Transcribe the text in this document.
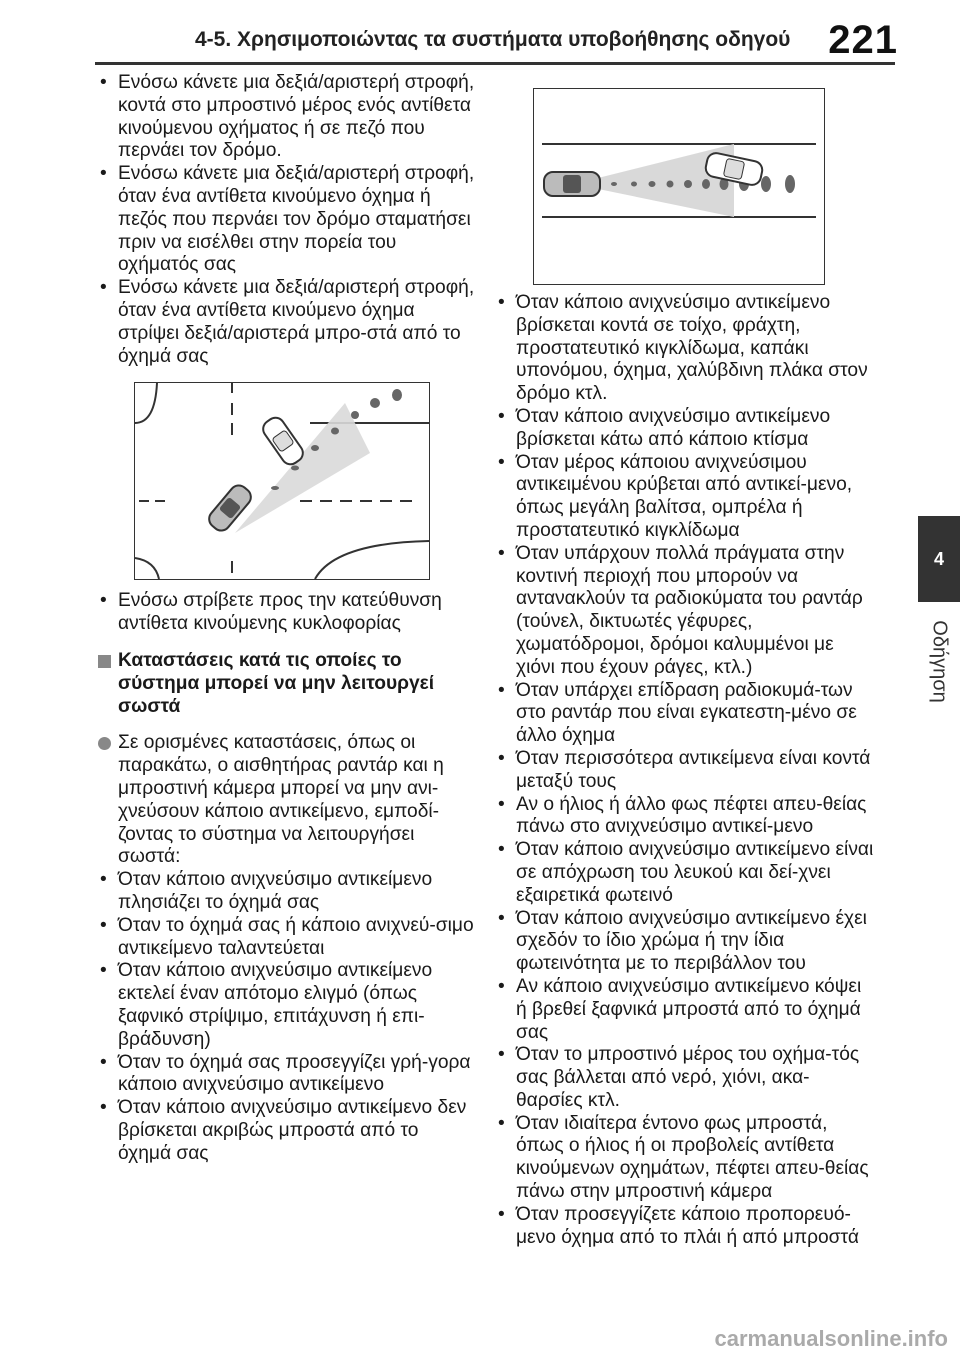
4-5. Χρησιμοποιώντας τα συστήματα υποβοήθησης οδηγού 221
• Ενόσω κάνετε μια δεξιά/αριστερή στροφή, κοντά στο μπροστινό μέρος ενός αντίθετα κινούμενου οχήματος ή σε πεζό που περνάει τον δρόμο.
• Ενόσω κάνετε μια δεξιά/αριστερή στροφή, όταν ένα αντίθετα κινούμενο όχημα ή πεζός που περνάει τον δρόμο σταματήσει πριν να εισέλθει στην πορεία του οχήματός σας
• Ενόσω κάνετε μια δεξιά/αριστερή στροφή, όταν ένα αντίθετα κινούμενο όχημα στρίψει δεξιά/αριστερά μπρο-στά από το όχημά σας
• Ενόσω στρίβετε προς την κατεύθυνση αντίθετα κινούμενης κυκλοφορίας
Καταστάσεις κατά τις οποίες το σύστημα μπορεί να μην λειτουργεί σωστά
Σε ορισμένες καταστάσεις, όπως οι παρακάτω, ο αισθητήρας ραντάρ και η μπροστινή κάμερα μπορεί να μην ανι-χνεύσουν κάποιο αντικείμενο, εμποδί-ζοντας το σύστημα να λειτουργήσει σωστά:
• Όταν κάποιο ανιχνεύσιμο αντικείμενο πλησιάζει το όχημά σας
• Όταν το όχημά σας ή κάποιο ανιχνεύ-σιμο αντικείμενο ταλαντεύεται
• Όταν κάποιο ανιχνεύσιμο αντικείμενο εκτελεί έναν απότομο ελιγμό (όπως ξαφνικό στρίψιμο, επιτάχυνση ή επι-βράδυνση)
• Όταν το όχημά σας προσεγγίζει γρή-γορα κάποιο ανιχνεύσιμο αντικείμενο
• Όταν κάποιο ανιχνεύσιμο αντικείμενο δεν βρίσκεται ακριβώς μπροστά από το όχημά σας
• Όταν κάποιο ανιχνεύσιμο αντικείμενο βρίσκεται κοντά σε τοίχο, φράχτη, προστατευτικό κιγκλίδωμα, καπάκι υπονόμου, όχημα, χαλύβδινη πλάκα στον δρόμο κτλ.
• Όταν κάποιο ανιχνεύσιμο αντικείμενο βρίσκεται κάτω από κάποιο κτίσμα
• Όταν μέρος κάποιου ανιχνεύσιμου αντικειμένου κρύβεται από αντικεί-μενο, όπως μεγάλη βαλίτσα, ομπρέλα ή προστατευτικό κιγκλίδωμα
• Όταν υπάρχουν πολλά πράγματα στην κοντινή περιοχή που μπορούν να αντανακλούν τα ραδιοκύματα του ραντάρ (τούνελ, δικτυωτές γέφυρες, χωματόδρομοι, δρόμοι καλυμμένοι με χιόνι που έχουν ράγες, κτλ.)
• Όταν υπάρχει επίδραση ραδιοκυμά-των στο ραντάρ που είναι εγκατεστη-μένο σε άλλο όχημα
• Όταν περισσότερα αντικείμενα είναι κοντά μεταξύ τους
• Αν ο ήλιος ή άλλο φως πέφτει απευ-θείας πάνω στο ανιχνεύσιμο αντικεί-μενο
• Όταν κάποιο ανιχνεύσιμο αντικείμενο είναι σε απόχρωση του λευκού και δεί-χνει εξαιρετικά φωτεινό
• Όταν κάποιο ανιχνεύσιμο αντικείμενο έχει σχεδόν το ίδιο χρώμα ή την ίδια φωτεινότητα με το περιβάλλον του
• Αν κάποιο ανιχνεύσιμο αντικείμενο κόψει ή βρεθεί ξαφνικά μπροστά από το όχημά σας
• Όταν το μπροστινό μέρος του οχήμα-τός σας βάλλεται από νερό, χιόνι, ακα-θαρσίες κτλ.
• Όταν ιδιαίτερα έντονο φως μπροστά, όπως ο ήλιος ή οι προβολείς αντίθετα κινούμενων οχημάτων, πέφτει απευ-θείας πάνω στην μπροστινή κάμερα
• Όταν προσεγγίζετε κάποιο προπορευό-μενο όχημα από το πλάι ή από μπροστά
4
Οδήγηση
carmanualsonline.info
